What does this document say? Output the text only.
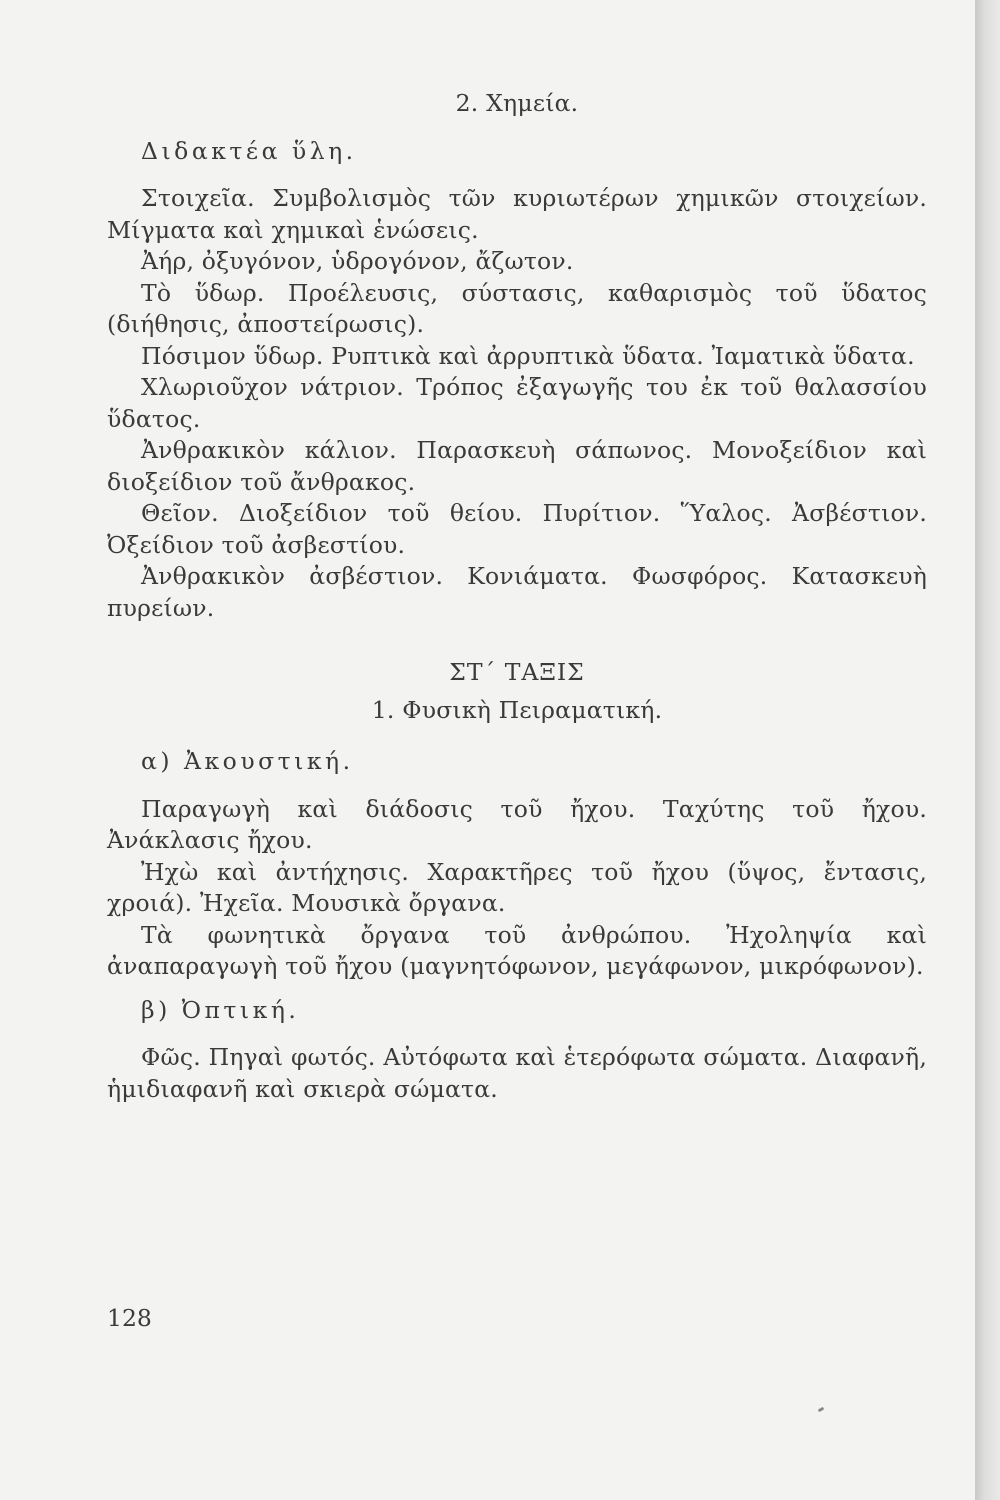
2. Χημεία.
Διδακτέα ὕλη.

Στοιχεῖα. Συμβολισμὸς τῶν κυριωτέρων χημικῶν στοιχείων. Μίγματα καὶ χημικαὶ ἑνώσεις.

Ἀήρ, ὀξυγόνον, ὑδρογόνον, ἄζωτον.

Τὸ ὕδωρ. Προέλευσις, σύστασις, καθαρισμὸς τοῦ ὕδατος (διήθησις, ἀποστείρωσις).

Πόσιμον ὕδωρ. Ρυπτικὰ καὶ ἀρρυπτικὰ ὕδατα. Ἰαματικὰ ὕδατα.

Χλωριοῦχον νάτριον. Τρόπος ἐξαγωγῆς του ἐκ τοῦ θαλασσίου ὕδατος.

Ἀνθρακικὸν κάλιον. Παρασκευὴ σάπωνος. Μονοξείδιον καὶ διοξείδιον τοῦ ἄνθρακος.

Θεῖον. Διοξείδιον τοῦ θείου. Πυρίτιον. Ὕαλος. Ἀσβέστιον. Ὀξείδιον τοῦ ἀσβεστίου.

Ἀνθρακικὸν ἀσβέστιον. Κονιάματα. Φωσφόρος. Κατασκευὴ πυρείων.

ΣΤ΄ ΤΑΞΙΣ
1. Φυσικὴ Πειραματική.
α) Ἀκουστική.

Παραγωγὴ καὶ διάδοσις τοῦ ἤχου. Ταχύτης τοῦ ἤχου. Ἀνάκλασις ἤχου.

Ἠχὼ καὶ ἀντήχησις. Χαρακτῆρες τοῦ ἤχου (ὕψος, ἔντασις, χροιά). Ἠχεῖα. Μουσικὰ ὄργανα.

Τὰ φωνητικὰ ὄργανα τοῦ ἀνθρώπου. Ἠχοληψία καὶ ἀναπαραγωγὴ τοῦ ἤχου (μαγνητόφωνον, μεγάφωνον, μικρόφωνον).

β) Ὀπτική.

Φῶς. Πηγαὶ φωτός. Αὐτόφωτα καὶ ἑτερόφωτα σώματα. Διαφανῆ, ἡμιδιαφανῆ καὶ σκιερὰ σώματα.

128
